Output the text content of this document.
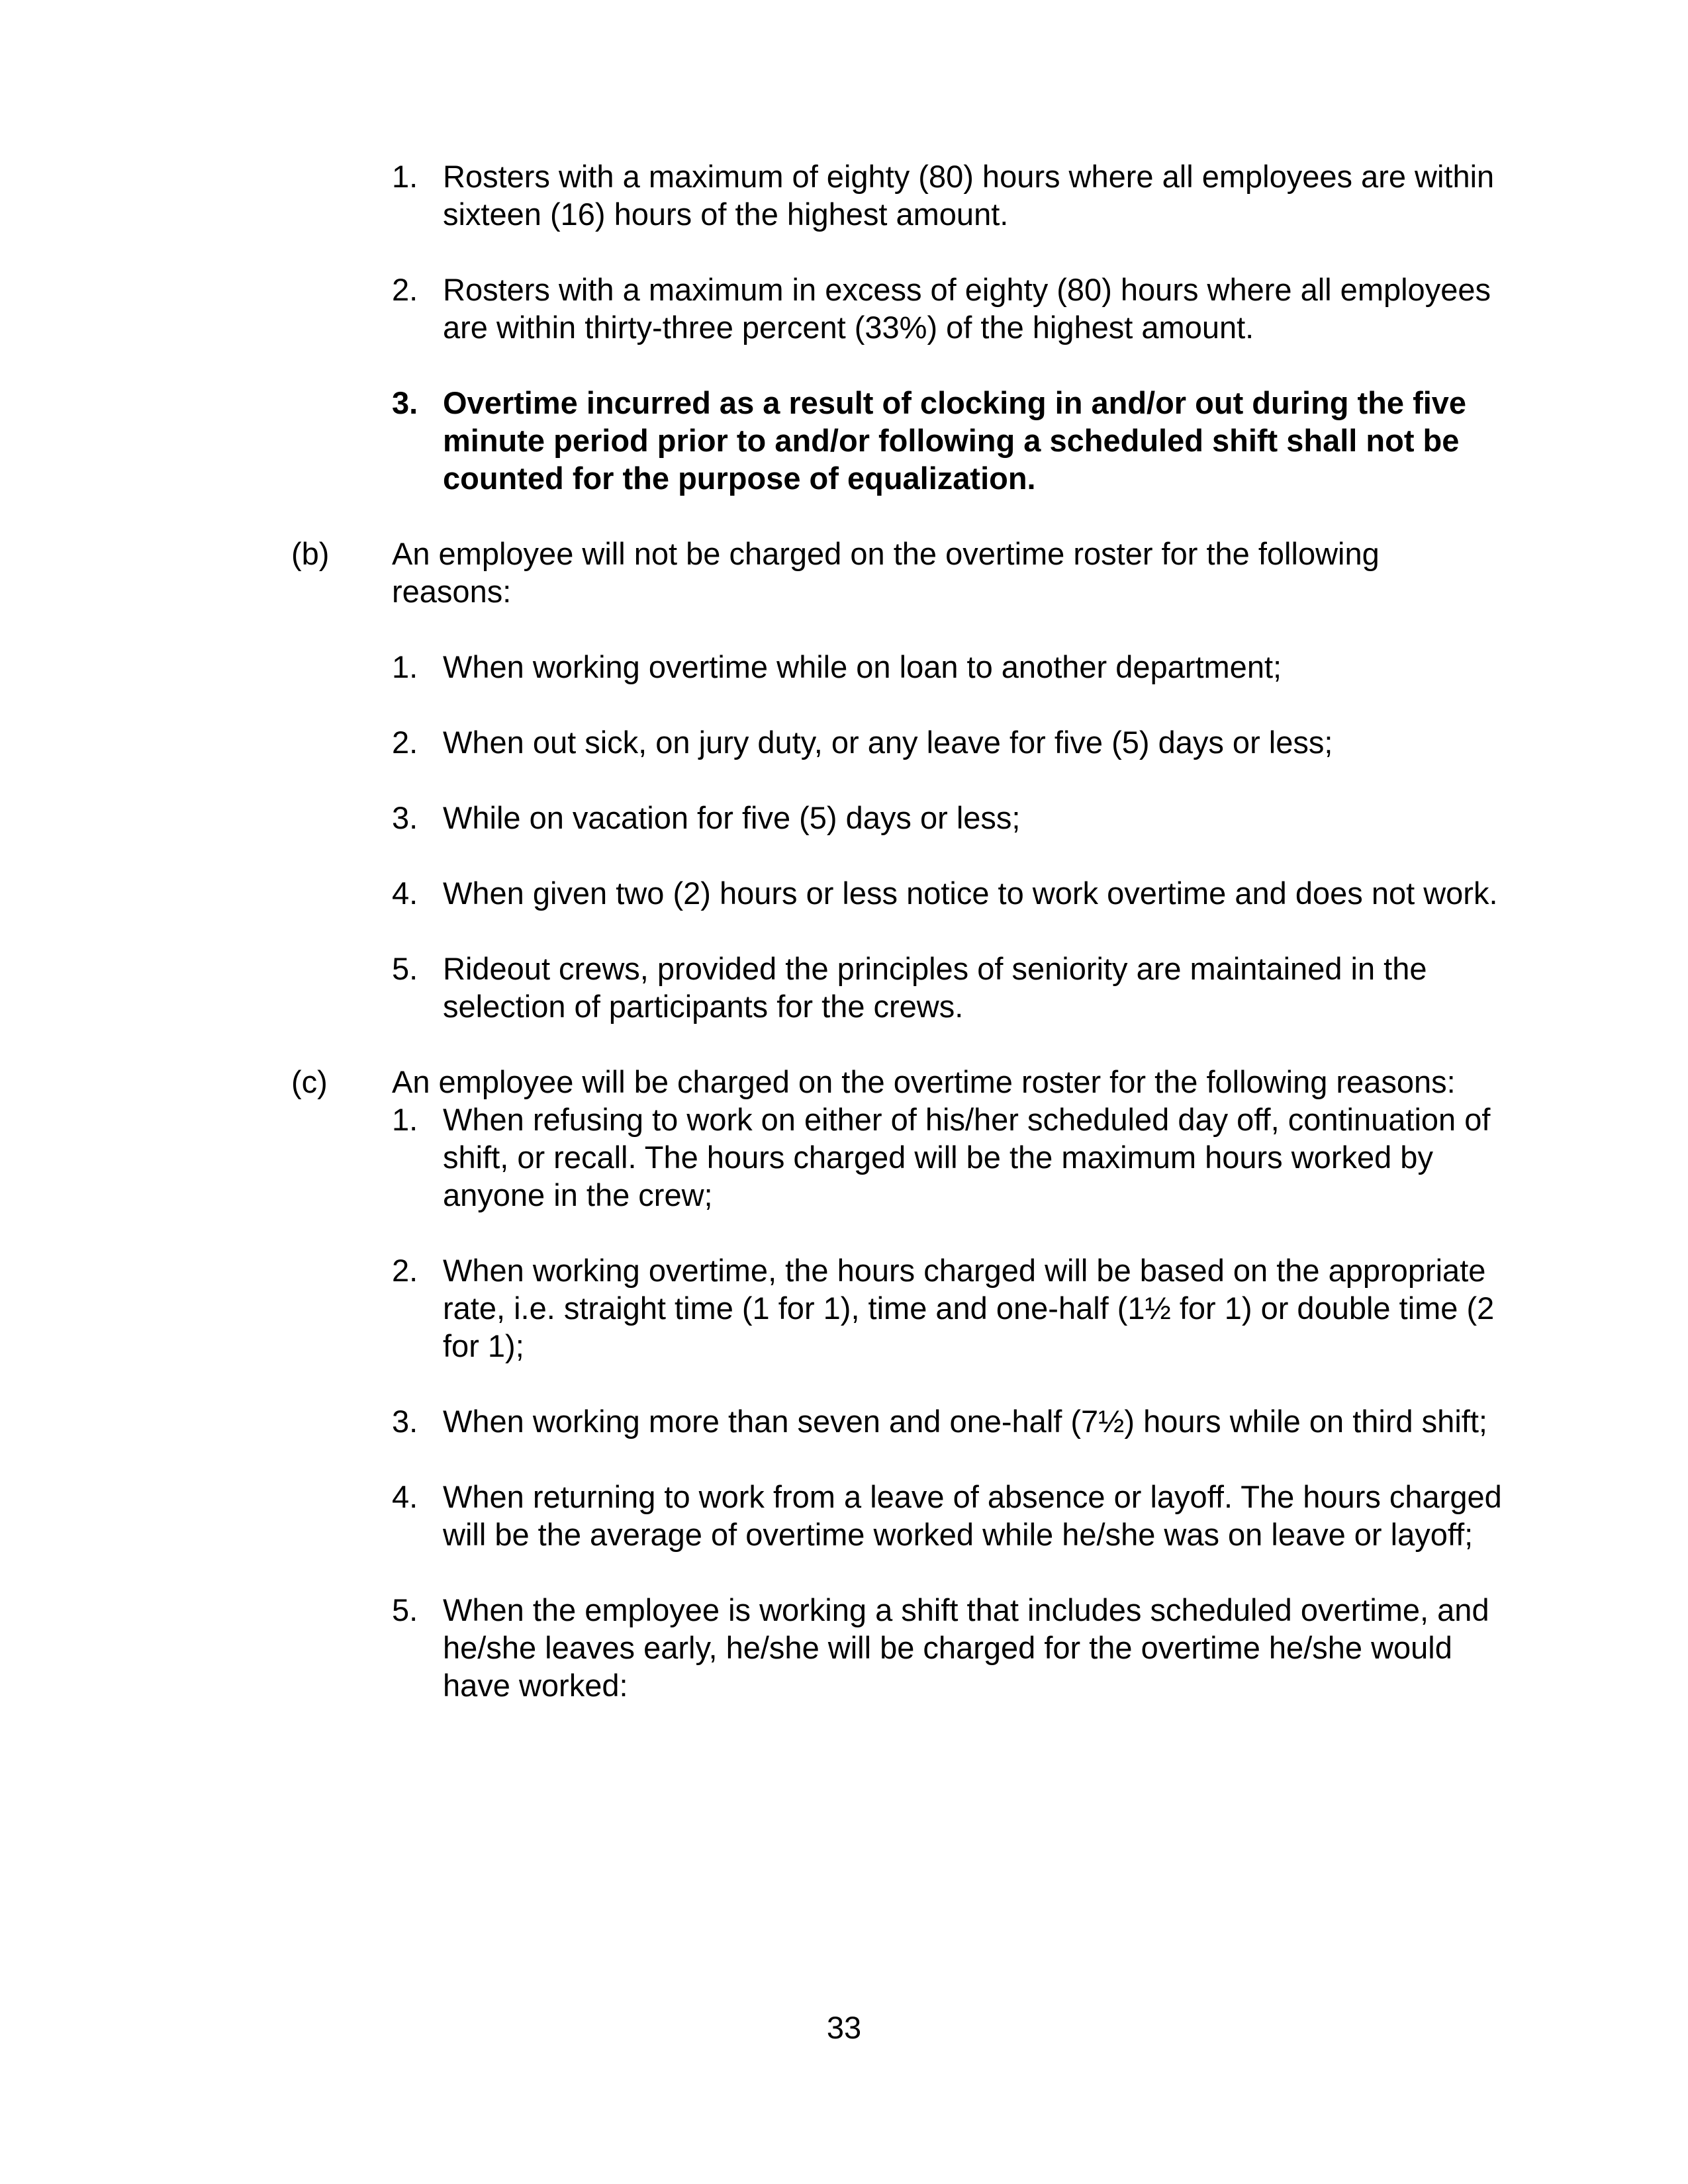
1. Rosters with a maximum of eighty (80) hours where all employees are within sixteen (16) hours of the highest amount.
2. Rosters with a maximum in excess of eighty (80) hours where all employees are within thirty-three percent (33%) of the highest amount.
3. Overtime incurred as a result of clocking in and/or out during the five minute period prior to and/or following a scheduled shift shall not be counted for the purpose of equalization.
(b) An employee will not be charged on the overtime roster for the following reasons:
1. When working overtime while on loan to another department;
2. When out sick, on jury duty, or any leave for five (5) days or less;
3. While on vacation for five (5) days or less;
4. When given two (2) hours or less notice to work overtime and does not work.
5. Rideout crews, provided the principles of seniority are maintained in the selection of participants for the crews.
(c) An employee will be charged on the overtime roster for the following reasons:
1. When refusing to work on either of his/her scheduled day off, continuation of shift, or recall. The hours charged will be the maximum hours worked by anyone in the crew;
2. When working overtime, the hours charged will be based on the appropriate rate, i.e. straight time (1 for 1), time and one-half (1½ for 1) or double time (2 for 1);
3. When working more than seven and one-half (7½) hours while on third shift;
4. When returning to work from a leave of absence or layoff. The hours charged will be the average of overtime worked while he/she was on leave or layoff;
5. When the employee is working a shift that includes scheduled overtime, and he/she leaves early, he/she will be charged for the overtime he/she would have worked:
33
